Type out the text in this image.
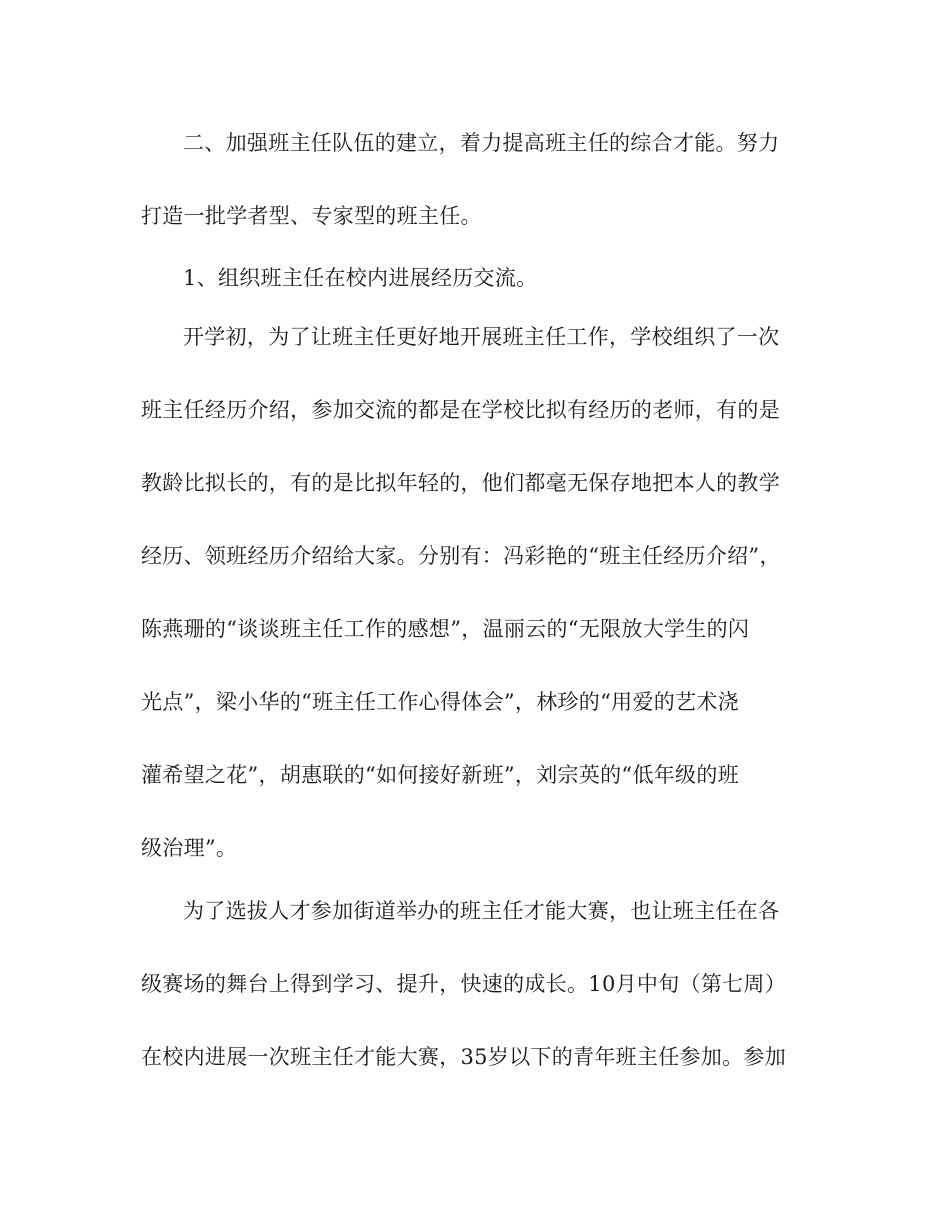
二、加强班主任队伍的建立，着力提高班主任的综合才能。努力
打造一批学者型、专家型的班主任。
1、组织班主任在校内进展经历交流。
开学初，为了让班主任更好地开展班主任工作，学校组织了一次
班主任经历介绍，参加交流的都是在学校比拟有经历的老师，有的是
教龄比拟长的，有的是比拟年轻的，他们都毫无保存地把本人的教学
经历、领班经历介绍给大家。分别有：冯彩艳的“班主任经历介绍”，
陈燕珊的“谈谈班主任工作的感想”，温丽云的“无限放大学生的闪
光点”，梁小华的“班主任工作心得体会”，林珍的“用爱的艺术浇
灌希望之花”，胡惠联的“如何接好新班”，刘宗英的“低年级的班
级治理”。
为了选拔人才参加街道举办的班主任才能大赛，也让班主任在各
级赛场的舞台上得到学习、提升，快速的成长。10月中旬（第七周）
在校内进展一次班主任才能大赛，35岁以下的青年班主任参加。参加
